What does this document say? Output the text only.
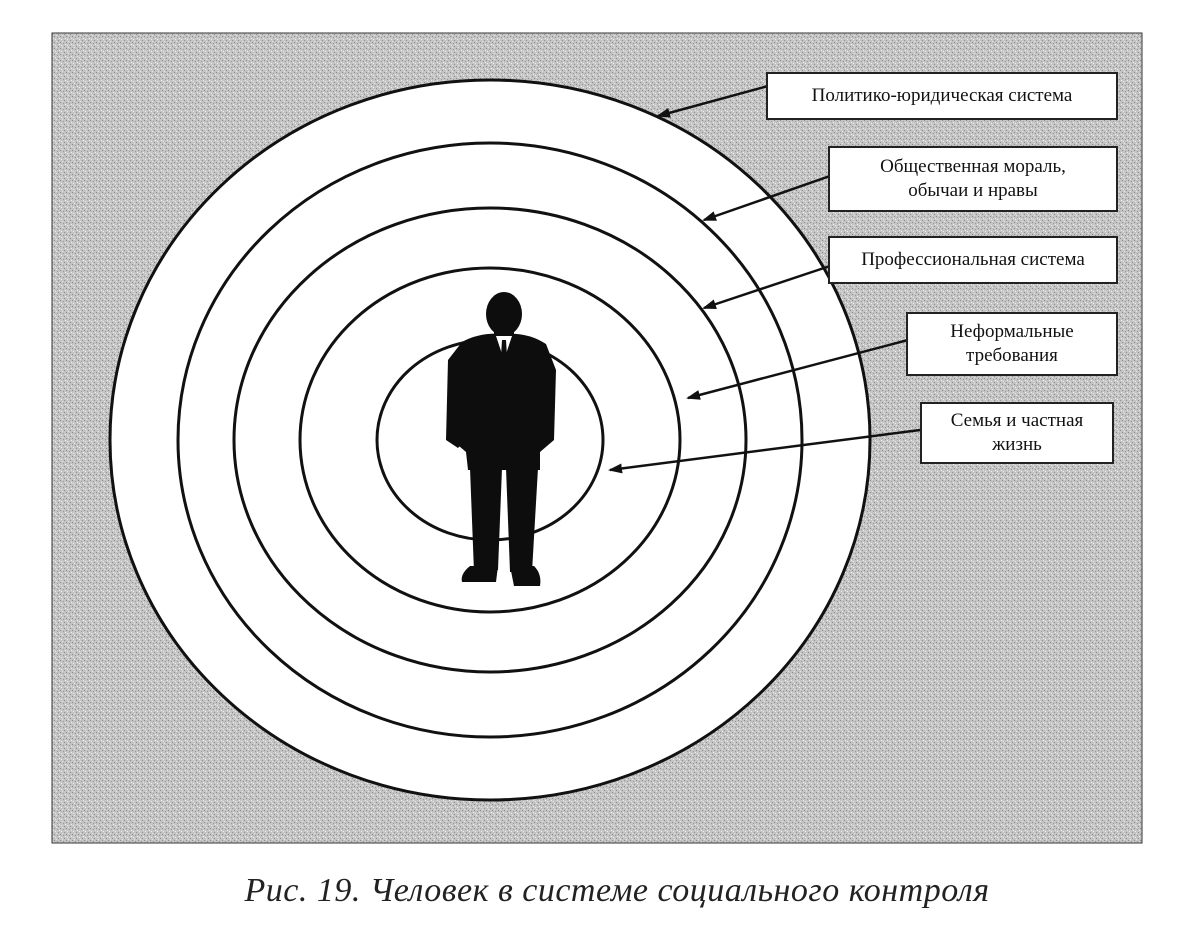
Политико-юридическая система
Общественная мораль,
обычаи и нравы
Профессиональная система
Неформальные
требования
Семья и частная
жизнь
Рис. 19. Человек в системе социального контроля
